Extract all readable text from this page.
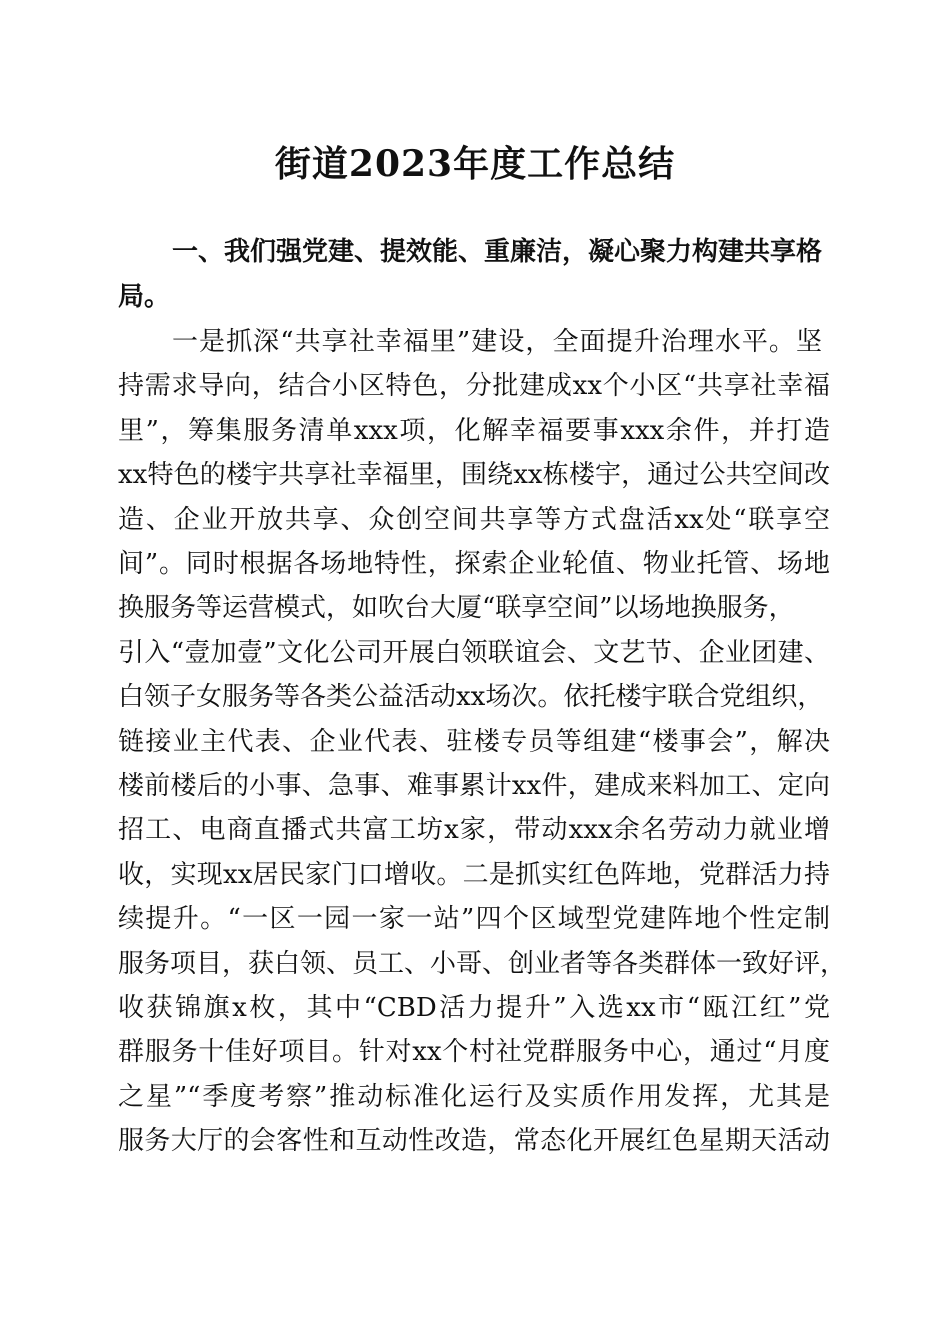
街道2023年度工作总结
一、我们强党建、提效能、重廉洁，凝心聚力构建共享格
局。
一是抓深“共享社幸福里”建设，全面提升治理水平。坚
持需求导向，结合小区特色，分批建成xx个小区“共享社幸福
里”，筹集服务清单xxx项，化解幸福要事xxx余件，并打造
xx特色的楼宇共享社幸福里，围绕xx栋楼宇，通过公共空间改
造、企业开放共享、众创空间共享等方式盘活xx处“联享空
间”。同时根据各场地特性，探索企业轮值、物业托管、场地
换服务等运营模式，如吹台大厦“联享空间”以场地换服务，
引入“壹加壹”文化公司开展白领联谊会、文艺节、企业团建、
白领子女服务等各类公益活动xx场次。依托楼宇联合党组织，
链接业主代表、企业代表、驻楼专员等组建“楼事会”，解决
楼前楼后的小事、急事、难事累计xx件，建成来料加工、定向
招工、电商直播式共富工坊x家，带动xxx余名劳动力就业增
收，实现xx居民家门口增收。二是抓实红色阵地，党群活力持
续提升。“一区一园一家一站”四个区域型党建阵地个性定制
服务项目，获白领、员工、小哥、创业者等各类群体一致好评，
收获锦旗x枚，其中“CBD活力提升”入选xx市“瓯江红”党
群服务十佳好项目。针对xx个村社党群服务中心，通过“月度
之星”“季度考察”推动标准化运行及实质作用发挥，尤其是
服务大厅的会客性和互动性改造，常态化开展红色星期天活动
